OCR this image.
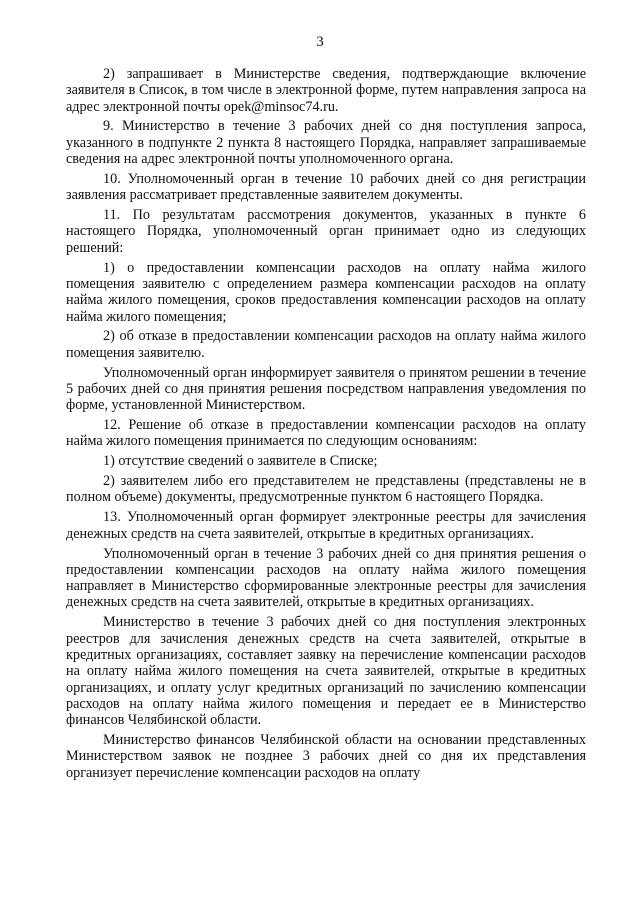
3

2) запрашивает в Министерстве сведения, подтверждающие включение заявителя в Список, в том числе в электронной форме, путем направления запроса на адрес электронной почты opek@minsoc74.ru.

9. Министерство в течение 3 рабочих дней со дня поступления запроса, указанного в подпункте 2 пункта 8 настоящего Порядка, направляет запрашиваемые сведения на адрес электронной почты уполномоченного органа.

10. Уполномоченный орган в течение 10 рабочих дней со дня регистрации заявления рассматривает представленные заявителем документы.

11. По результатам рассмотрения документов, указанных в пункте 6 настоящего Порядка, уполномоченный орган принимает одно из следующих решений:

1) о предоставлении компенсации расходов на оплату найма жилого помещения заявителю с определением размера компенсации расходов на оплату найма жилого помещения, сроков предоставления компенсации расходов на оплату найма жилого помещения;

2) об отказе в предоставлении компенсации расходов на оплату найма жилого помещения заявителю.

Уполномоченный орган информирует заявителя о принятом решении в течение 5 рабочих дней со дня принятия решения посредством направления уведомления по форме, установленной Министерством.

12. Решение об отказе в предоставлении компенсации расходов на оплату найма жилого помещения принимается по следующим основаниям:

1) отсутствие сведений о заявителе в Списке;

2) заявителем либо его представителем не представлены (представлены не в полном объеме) документы, предусмотренные пунктом 6 настоящего Порядка.

13. Уполномоченный орган формирует электронные реестры для зачисления денежных средств на счета заявителей, открытые в кредитных организациях.

Уполномоченный орган в течение 3 рабочих дней со дня принятия решения о предоставлении компенсации расходов на оплату найма жилого помещения направляет в Министерство сформированные электронные реестры для зачисления денежных средств на счета заявителей, открытые в кредитных организациях.

Министерство в течение 3 рабочих дней со дня поступления электронных реестров для зачисления денежных средств на счета заявителей, открытые в кредитных организациях, составляет заявку на перечисление компенсации расходов на оплату найма жилого помещения на счета заявителей, открытые в кредитных организациях, и оплату услуг кредитных организаций по зачислению компенсации расходов на оплату найма жилого помещения и передает ее в Министерство финансов Челябинской области.

Министерство финансов Челябинской области на основании представленных Министерством заявок не позднее 3 рабочих дней со дня их представления организует перечисление компенсации расходов на оплату
